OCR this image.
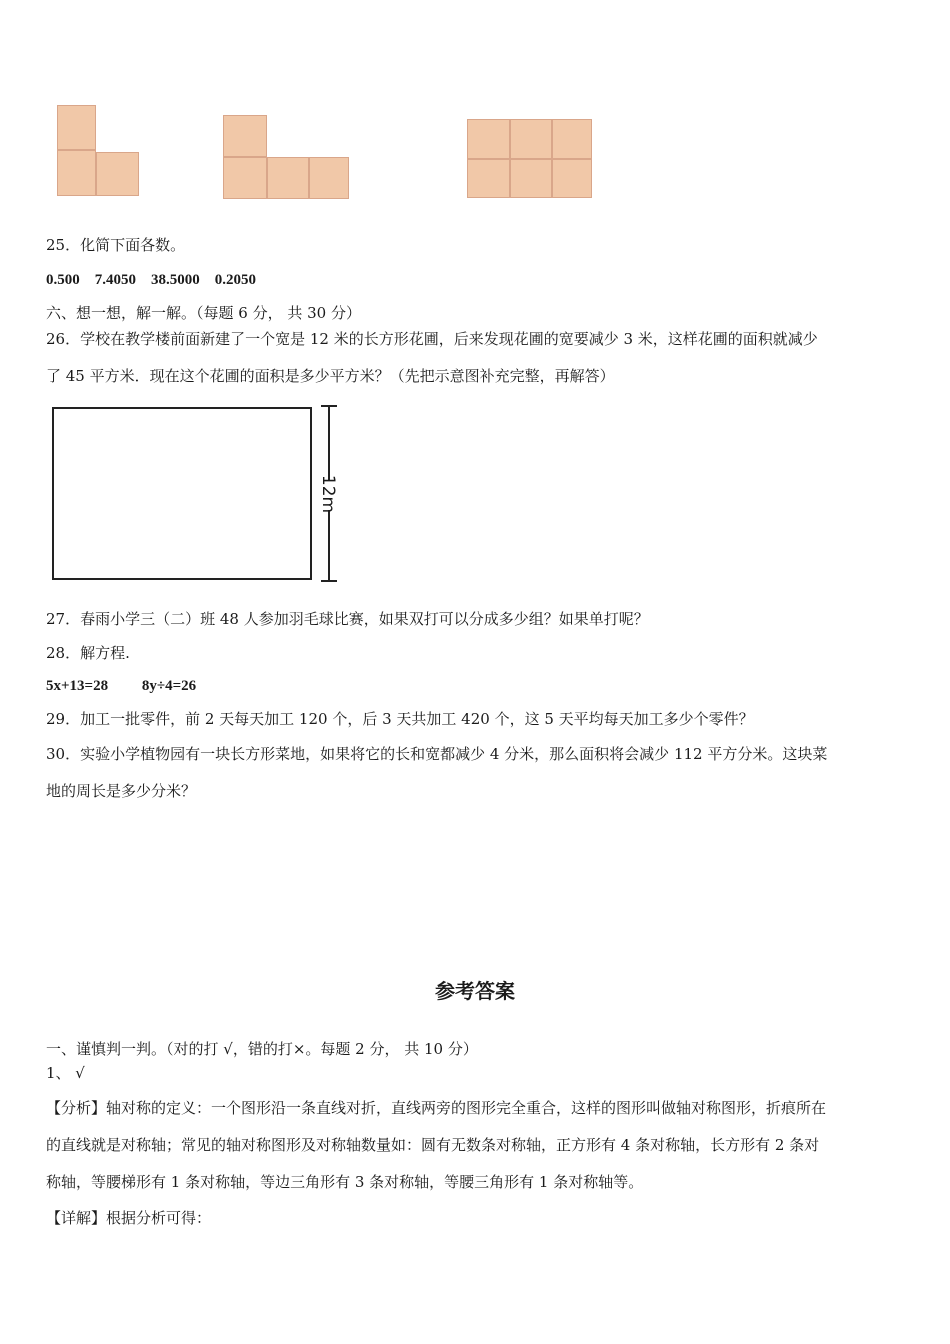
25．化简下面各数。
0.500    7.4050    38.5000    0.2050
六、想一想，解一解。（每题 6 分， 共 30 分）
26．学校在教学楼前面新建了一个宽是 12 米的长方形花圃，后来发现花圃的宽要减少 3 米，这样花圃的面积就减少
了 45 平方米．现在这个花圃的面积是多少平方米？（先把示意图补充完整，再解答）
12m
27．春雨小学三（二）班 48 人参加羽毛球比赛，如果双打可以分成多少组？如果单打呢？
28．解方程.
5x+13=28         8y÷4=26
29．加工一批零件，前 2 天每天加工 120 个，后 3 天共加工 420 个，这 5 天平均每天加工多少个零件？
30．实验小学植物园有一块长方形菜地，如果将它的长和宽都减少 4 分米，那么面积将会减少 112 平方分米。这块菜
地的周长是多少分米？
参考答案
一、谨慎判一判。（对的打 √，错的打×。每题 2 分， 共 10 分）
1、 √
【分析】轴对称的定义：一个图形沿一条直线对折，直线两旁的图形完全重合，这样的图形叫做轴对称图形，折痕所在
的直线就是对称轴；常见的轴对称图形及对称轴数量如：圆有无数条对称轴，正方形有 4 条对称轴，长方形有 2 条对
称轴，等腰梯形有 1 条对称轴，等边三角形有 3 条对称轴，等腰三角形有 1 条对称轴等。
【详解】根据分析可得：
